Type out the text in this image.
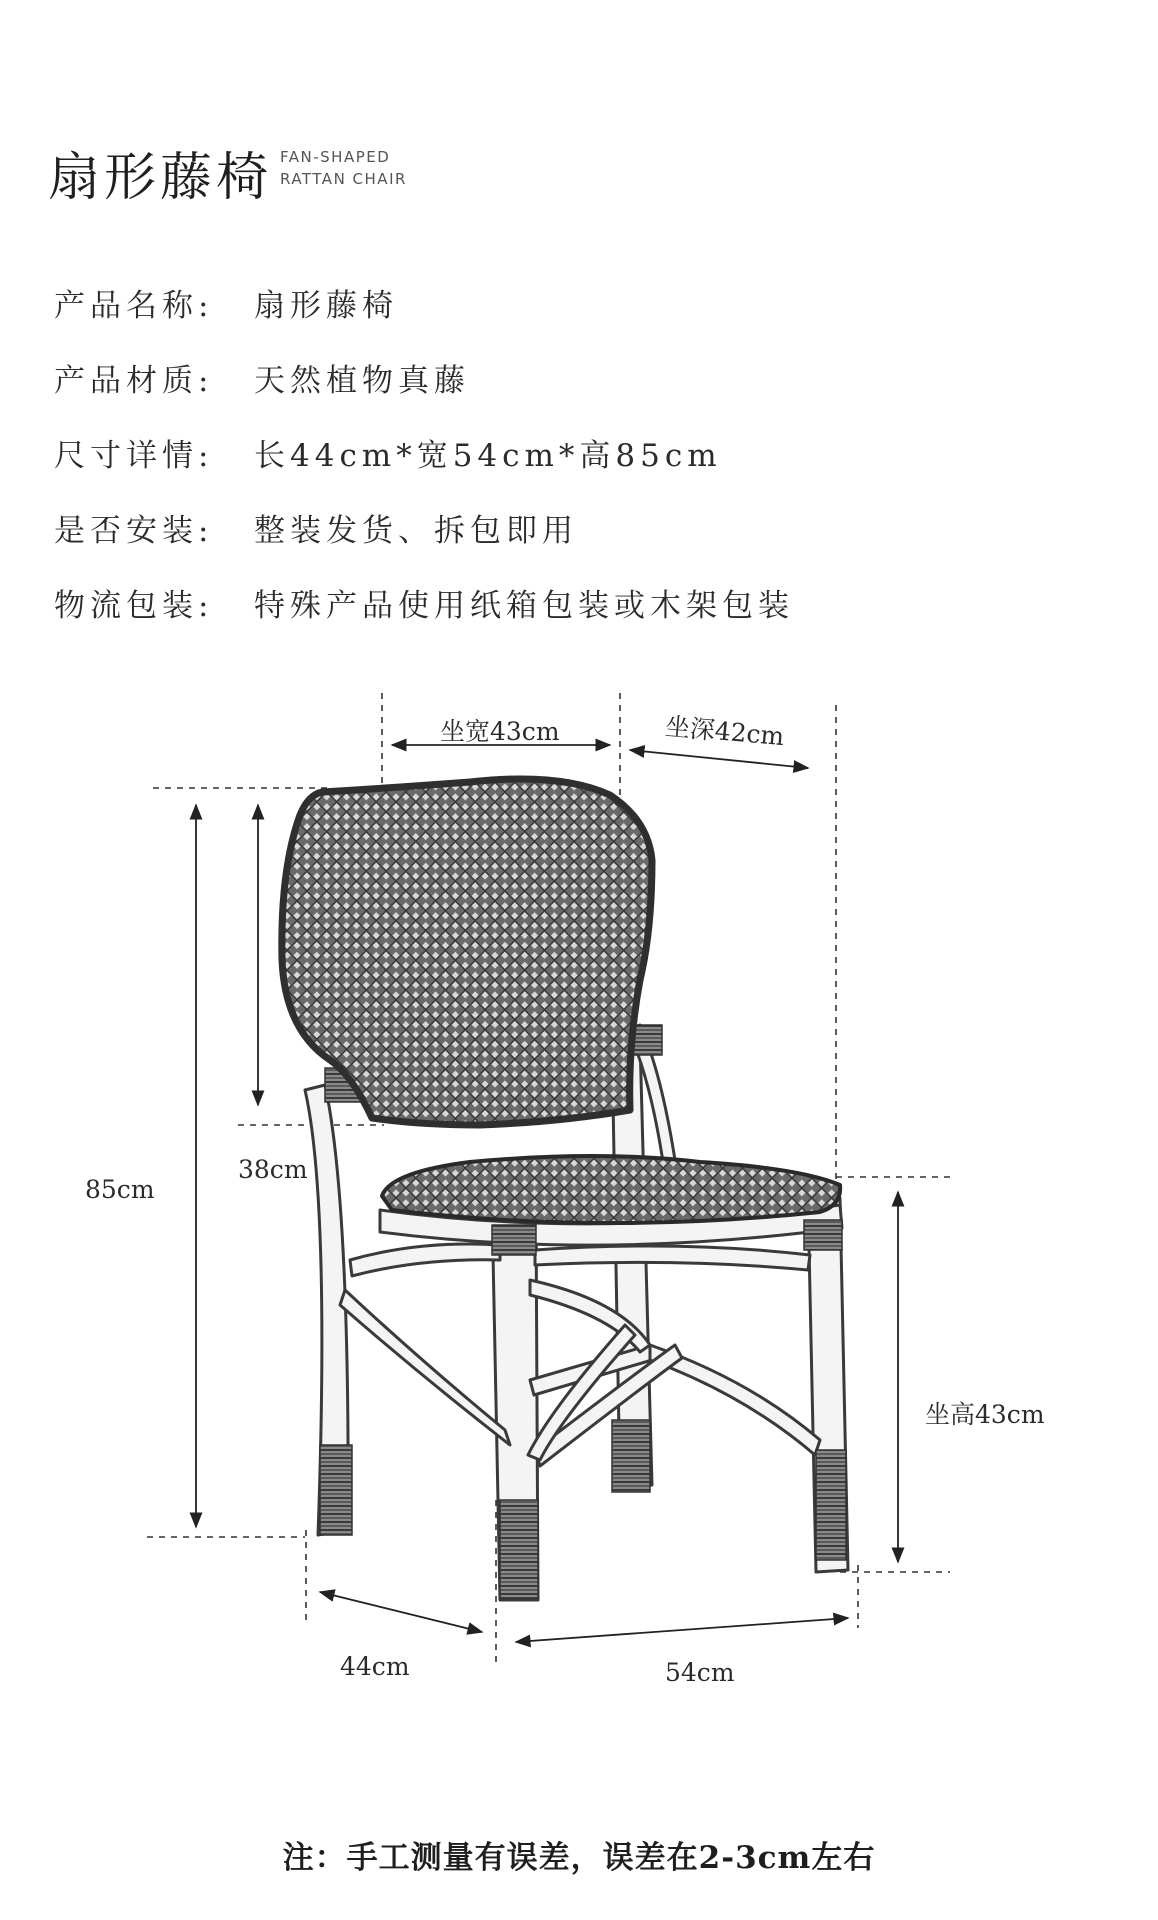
扇形藤椅 FAN-SHAPED
RATTAN CHAIR
产品名称: 扇形藤椅
产品材质: 天然植物真藤
尺寸详情: 长44cm*宽54cm*高85cm
是否安装: 整装发货、拆包即用
物流包装: 特殊产品使用纸箱包装或木架包装
坐宽43cm	坐深42cm
85cm
38cm
坐高43cm
44cm	54cm
注：手工测量有误差，误差在2-3cm左右
